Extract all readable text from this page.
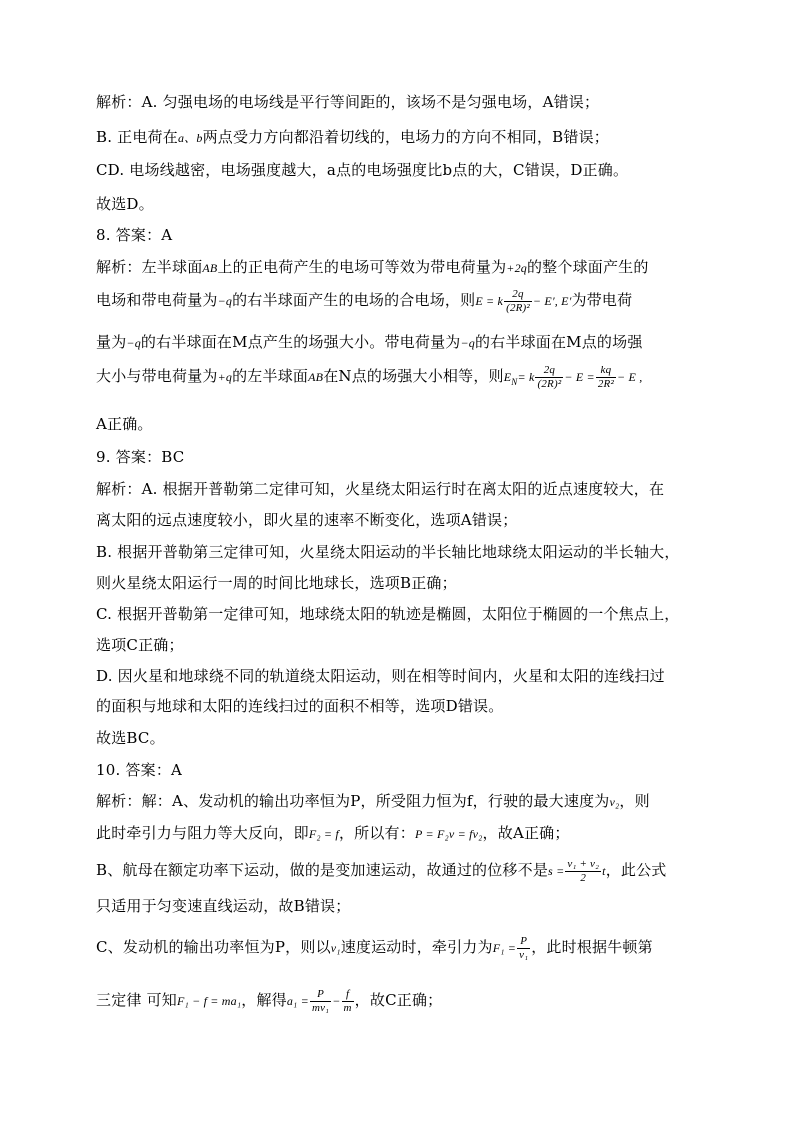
解析：A. 匀强电场的电场线是平行等间距的，该场不是匀强电场，A错误；
B. 正电荷在a、b两点受力方向都沿着切线的，电场力的方向不相同，B错误；
CD. 电场线越密，电场强度越大，a点的电场强度比b点的大，C错误，D正确。
故选D。
8. 答案：A
解析：左半球面AB上的正电荷产生的电场可等效为带电荷量为+2q的整个球面产生的
电场和带电荷量为−q的右半球面产生的电场的合电场，则E = k $\frac{2q}{\text{(2R)²}} - E'$, E′为带电荷
量为−q的右半球面在M点产生的场强大小。带电荷量为−q的右半球面在M点的场强
大小与带电荷量为+q的左半球面AB在N点的场强大小相等，则$E_N= k \frac{2q}{\text{(2R)²}} - E = \frac{kq}{\text{2R²}} - E$ ,
A正确。
9. 答案：BC
解析：A. 根据开普勒第二定律可知，火星绕太阳运行时在离太阳的近点速度较大，在
离太阳的远点速度较小，即火星的速率不断变化，选项A错误；
B. 根据开普勒第三定律可知，火星绕太阳运动的半长轴比地球绕太阳运动的半长轴大，
则火星绕太阳运行一周的时间比地球长，选项B正确；
C. 根据开普勒第一定律可知，地球绕太阳的轨迹是椭圆，太阳位于椭圆的一个焦点上，
选项C正确；
D. 因火星和地球绕不同的轨道绕太阳运动，则在相等时间内，火星和太阳的连线扫过
的面积与地球和太阳的连线扫过的面积不相等，选项D错误。
故选BC。
10. 答案：A
解析：解：A、发动机的输出功率恒为P，所受阻力恒为f，行驶的最大速度为v₂，则
此时牵引力与阻力等大反向，即F₂ = f，所以有：P = F₂v = fv₂，故A正确；
B、航母在额定功率下运动，做的是变加速运动，故通过的位移不是$s = \frac{\text{v₁ + v₂}}{2}$ t，此公式
只适用于匀变速直线运动，故B错误；
C、发动机的输出功率恒为P，则以v₁速度运动时，牵引力为$F_1 = \frac{P}{\text{v₁}}$ ，此时根据牛顿第
三定律 可知F₁ − f = ma₁，解得$a_1 = \frac{P}{\text{mv₁}} - \frac{f}{m}$ ，故C正确；
